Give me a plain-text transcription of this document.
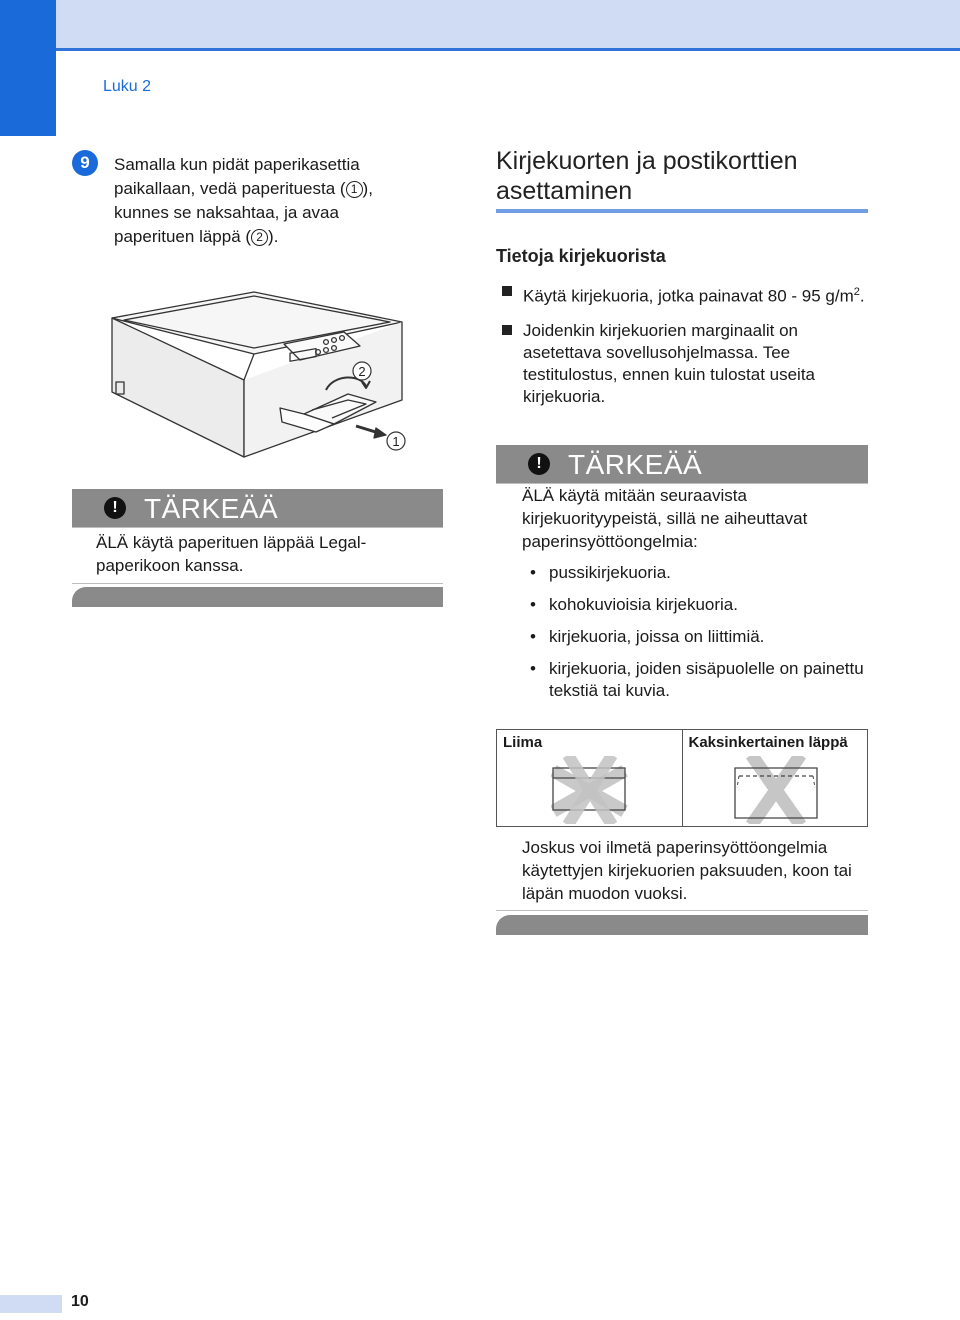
Luku 2
9	Samalla kun pidät paperikasettia paikallaan, vedä paperituesta ( 1 ), kunnes se naksahtaa, ja avaa paperituen läppä ( 2 ).
2
1
! TÄRKEÄÄ
ÄLÄ käytä paperituen läppää Legal-paperikoon kanssa.
Kirjekuorten ja postikorttien asettaminen
Tietoja kirjekuorista
Käytä kirjekuoria, jotka painavat 80 - 95 $g/m^2$.
Joidenkin kirjekuorien marginaalit on asetettava sovellusohjelmassa. Tee testitulostus, ennen kuin tulostat useita kirjekuoria.
! TÄRKEÄÄ
ÄLÄ käytä mitään seuraavista kirjekuorityypeistä, sillä ne aiheuttavat paperinsyöttöongelmia:
• pussikirjekuoria.
• kohokuvioisia kirjekuoria.
• kirjekuoria, joissa on liittimiä.
• kirjekuoria, joiden sisäpuolelle on painettu tekstiä tai kuvia.
Liima	Kaksinkertainen läppä
Joskus voi ilmetä paperinsyöttöongelmia käytettyjen kirjekuorien paksuuden, koon tai läpän muodon vuoksi.
10
